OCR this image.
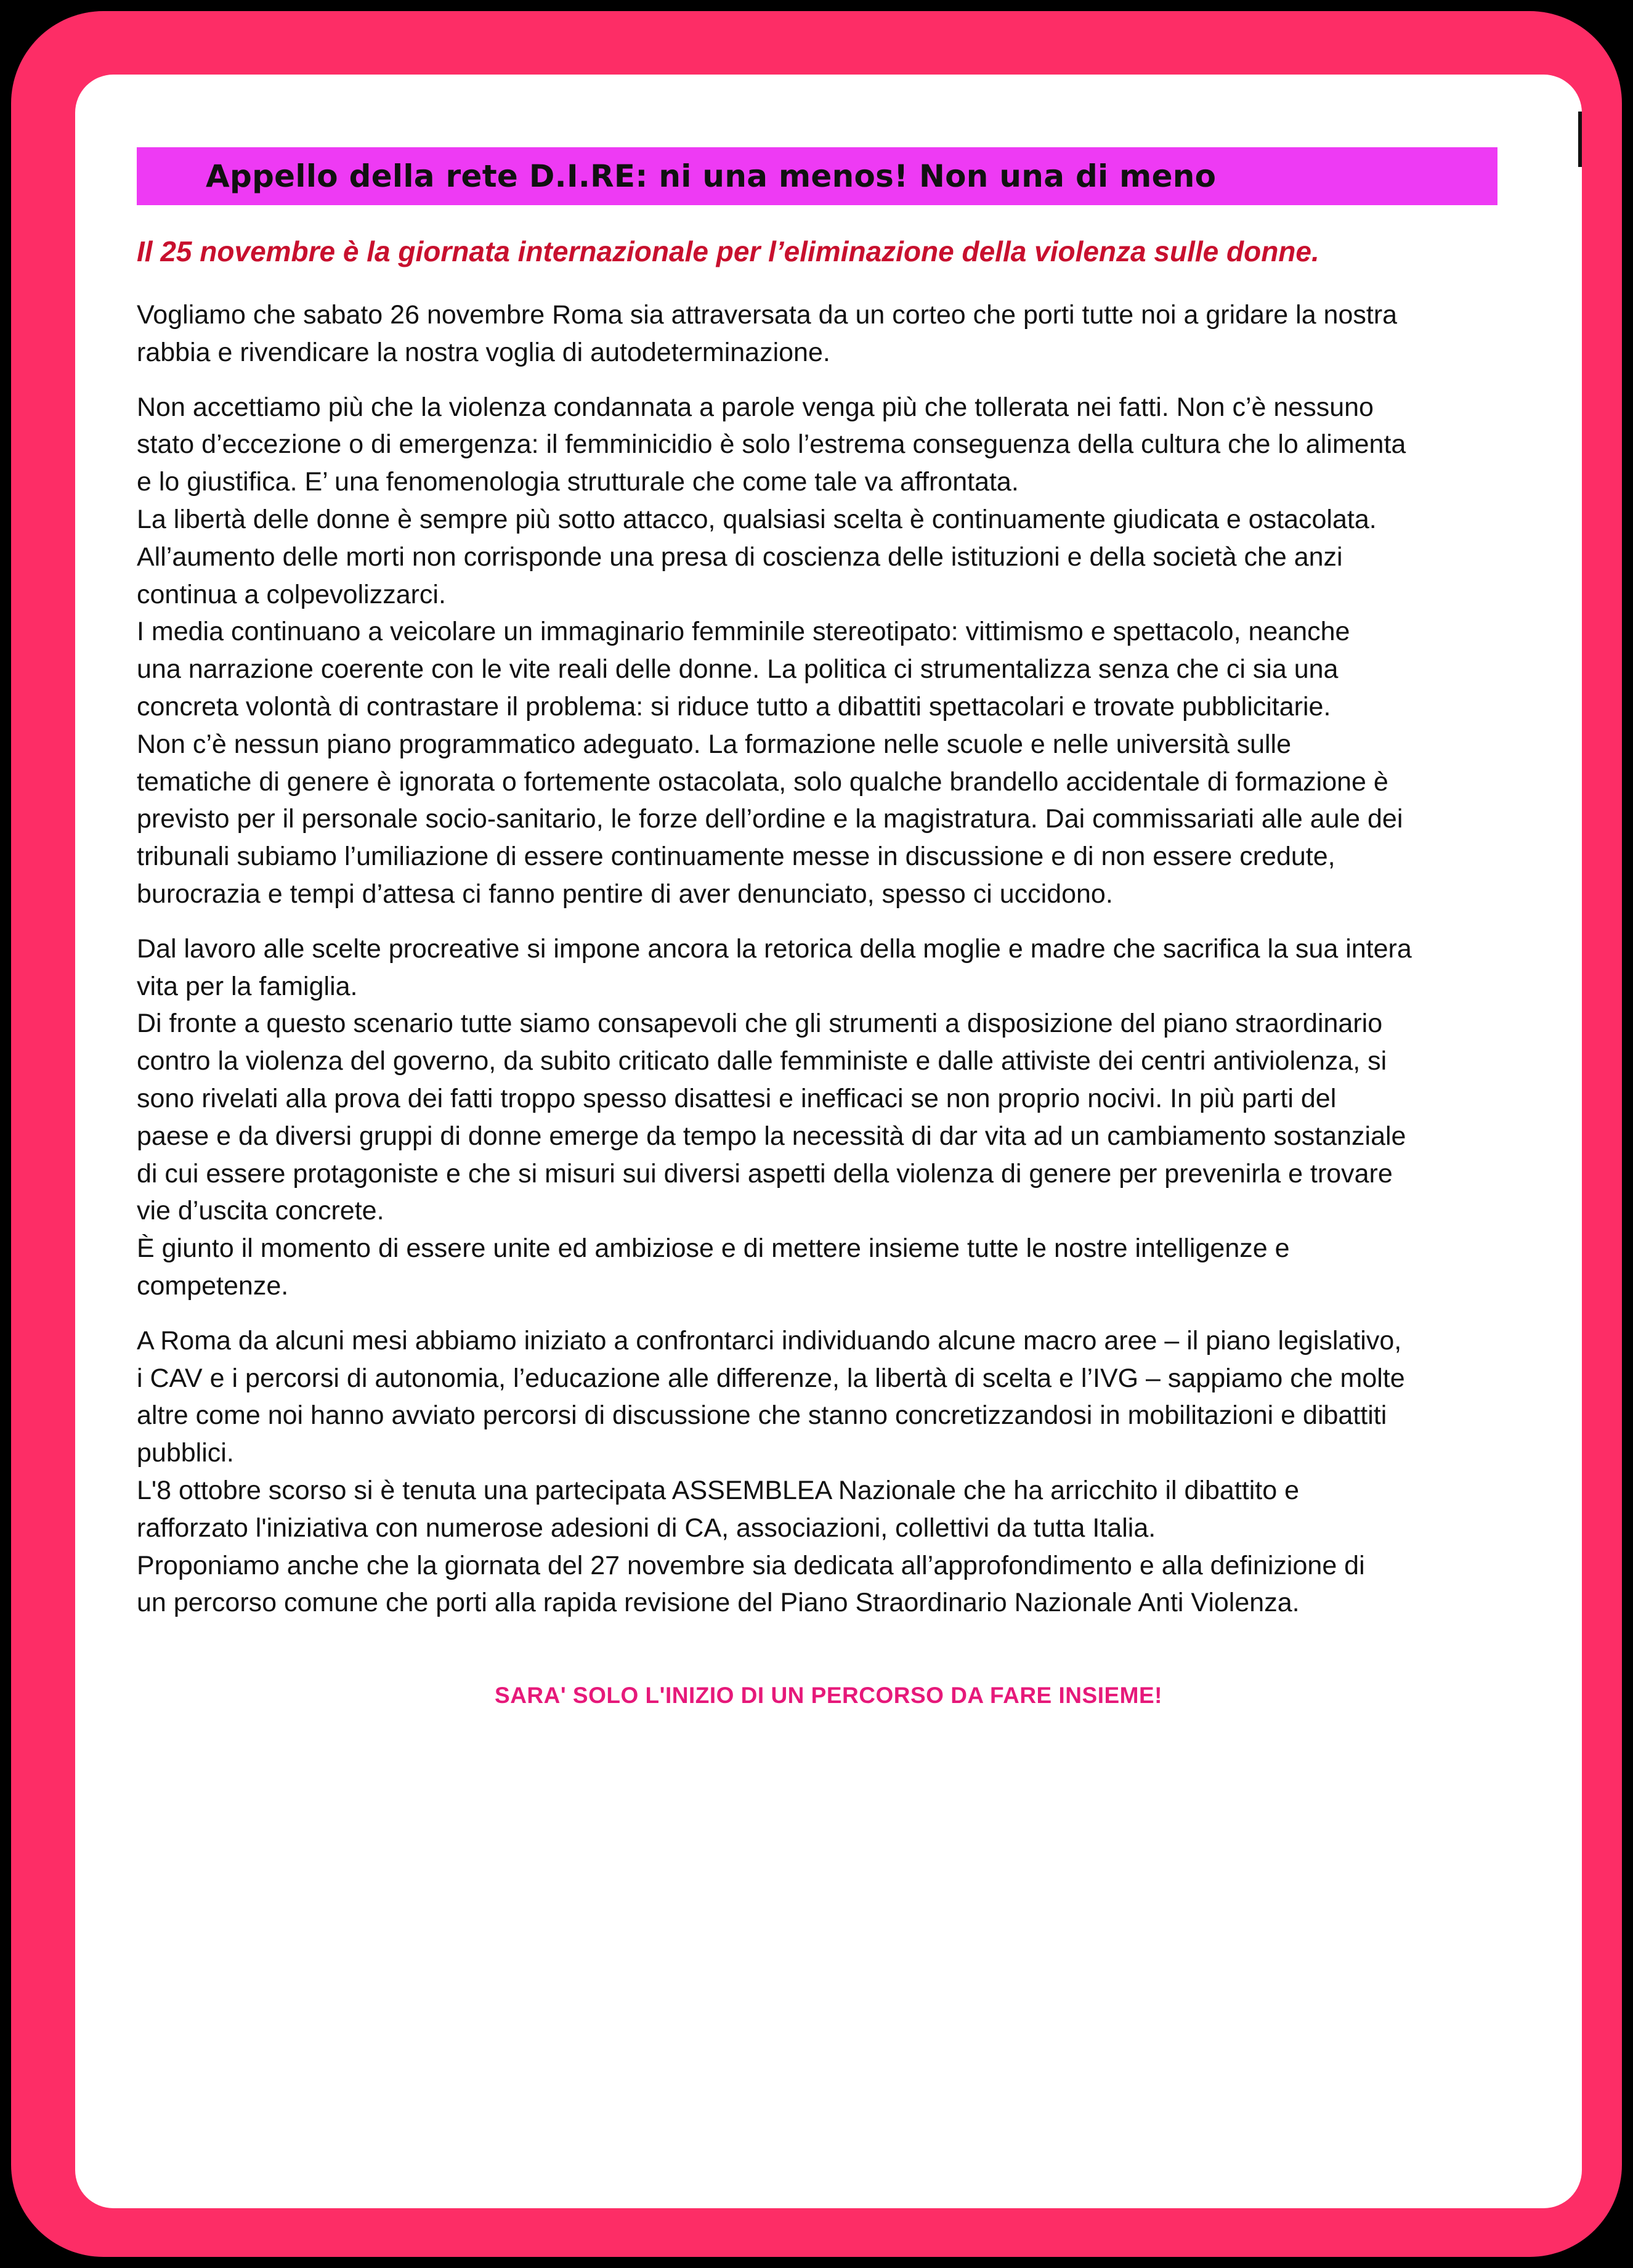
Appello della rete D.I.RE: ni una menos! Non una di meno
Il 25 novembre è la giornata internazionale per l’eliminazione della violenza sulle donne.

Vogliamo che sabato 26 novembre Roma sia attraversata da un corteo che porti tutte noi a gridare la nostra
rabbia e rivendicare la nostra voglia di autodeterminazione.

Non accettiamo più che la violenza condannata a parole venga più che tollerata nei fatti. Non c’è nessuno
stato d’eccezione o di emergenza: il femminicidio è solo l’estrema conseguenza della cultura che lo alimenta
e lo giustifica. E’ una fenomenologia strutturale che come tale va affrontata.
La libertà delle donne è sempre più sotto attacco, qualsiasi scelta è continuamente giudicata e ostacolata.
All’aumento delle morti non corrisponde una presa di coscienza delle istituzioni e della società che anzi
continua a colpevolizzarci.
I media continuano a veicolare un immaginario femminile stereotipato: vittimismo e spettacolo, neanche
una narrazione coerente con le vite reali delle donne. La politica ci strumentalizza senza che ci sia una
concreta volontà di contrastare il problema: si riduce tutto a dibattiti spettacolari e trovate pubblicitarie.
Non c’è nessun piano programmatico adeguato. La formazione nelle scuole e nelle università sulle
tematiche di genere è ignorata o fortemente ostacolata, solo qualche brandello accidentale di formazione è
previsto per il personale socio-sanitario, le forze dell’ordine e la magistratura. Dai commissariati alle aule dei
tribunali subiamo l’umiliazione di essere continuamente messe in discussione e di non essere credute,
burocrazia e tempi d’attesa ci fanno pentire di aver denunciato, spesso ci uccidono.

Dal lavoro alle scelte procreative si impone ancora la retorica della moglie e madre che sacrifica la sua intera
vita per la famiglia.
Di fronte a questo scenario tutte siamo consapevoli che gli strumenti a disposizione del piano straordinario
contro la violenza del governo, da subito criticato dalle femministe e dalle attiviste dei centri antiviolenza, si
sono rivelati alla prova dei fatti troppo spesso disattesi e inefficaci se non proprio nocivi. In più parti del
paese e da diversi gruppi di donne emerge da tempo la necessità di dar vita ad un cambiamento sostanziale
di cui essere protagoniste e che si misuri sui diversi aspetti della violenza di genere per prevenirla e trovare
vie d’uscita concrete.
È giunto il momento di essere unite ed ambiziose e di mettere insieme tutte le nostre intelligenze e
competenze.

A Roma da alcuni mesi abbiamo iniziato a confrontarci individuando alcune macro aree – il piano legislativo,
i CAV e i percorsi di autonomia, l’educazione alle differenze, la libertà di scelta e l’IVG – sappiamo che molte
altre come noi hanno avviato percorsi di discussione che stanno concretizzandosi in mobilitazioni e dibattiti
pubblici.
L'8 ottobre scorso si è tenuta una partecipata ASSEMBLEA Nazionale che ha arricchito il dibattito e
rafforzato l'iniziativa con numerose adesioni di CA, associazioni, collettivi da tutta Italia.
Proponiamo anche che la giornata del 27 novembre sia dedicata all’approfondimento e alla definizione di
un percorso comune che porti alla rapida revisione del Piano Straordinario Nazionale Anti Violenza.

SARA' SOLO L'INIZIO DI UN PERCORSO DA FARE INSIEME!
